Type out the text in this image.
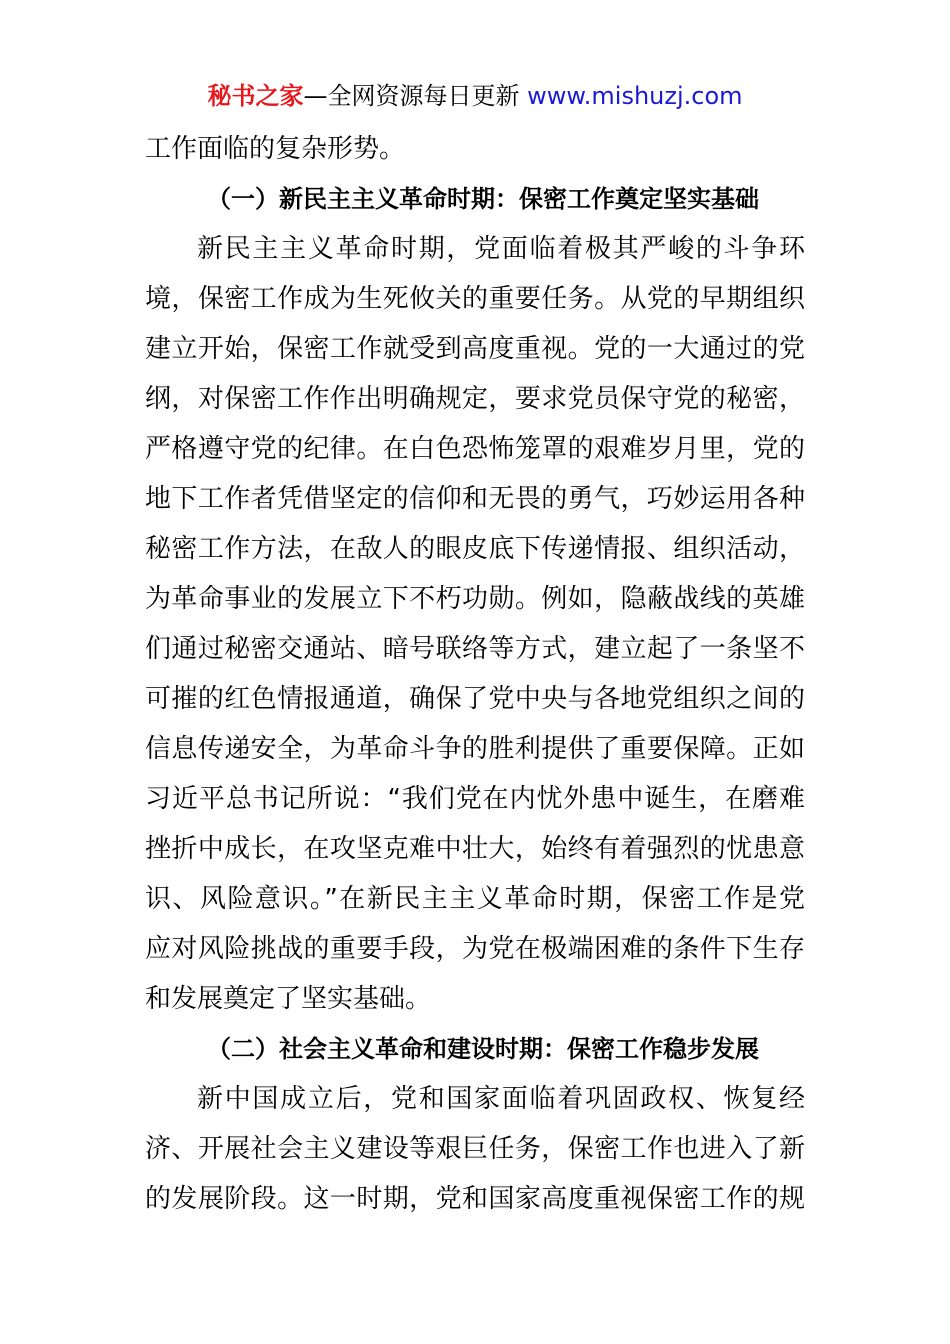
秘书之家—全网资源每日更新 www.mishuzj.com
工作面临的复杂形势。
（一）新民主主义革命时期：保密工作奠定坚实基础
新民主主义革命时期，党面临着极其严峻的斗争环
境，保密工作成为生死攸关的重要任务。从党的早期组织
建立开始，保密工作就受到高度重视。党的一大通过的党
纲，对保密工作作出明确规定，要求党员保守党的秘密，
严格遵守党的纪律。在白色恐怖笼罩的艰难岁月里，党的
地下工作者凭借坚定的信仰和无畏的勇气，巧妙运用各种
秘密工作方法，在敌人的眼皮底下传递情报、组织活动，
为革命事业的发展立下不朽功勋。例如，隐蔽战线的英雄
们通过秘密交通站、暗号联络等方式，建立起了一条坚不
可摧的红色情报通道，确保了党中央与各地党组织之间的
信息传递安全，为革命斗争的胜利提供了重要保障。正如
习近平总书记所说：“我们党在内忧外患中诞生，在磨难
挫折中成长，在攻坚克难中壮大，始终有着强烈的忧患意
识、风险意识。”在新民主主义革命时期，保密工作是党
应对风险挑战的重要手段，为党在极端困难的条件下生存
和发展奠定了坚实基础。
（二）社会主义革命和建设时期：保密工作稳步发展
新中国成立后，党和国家面临着巩固政权、恢复经
济、开展社会主义建设等艰巨任务，保密工作也进入了新
的发展阶段。这一时期，党和国家高度重视保密工作的规
